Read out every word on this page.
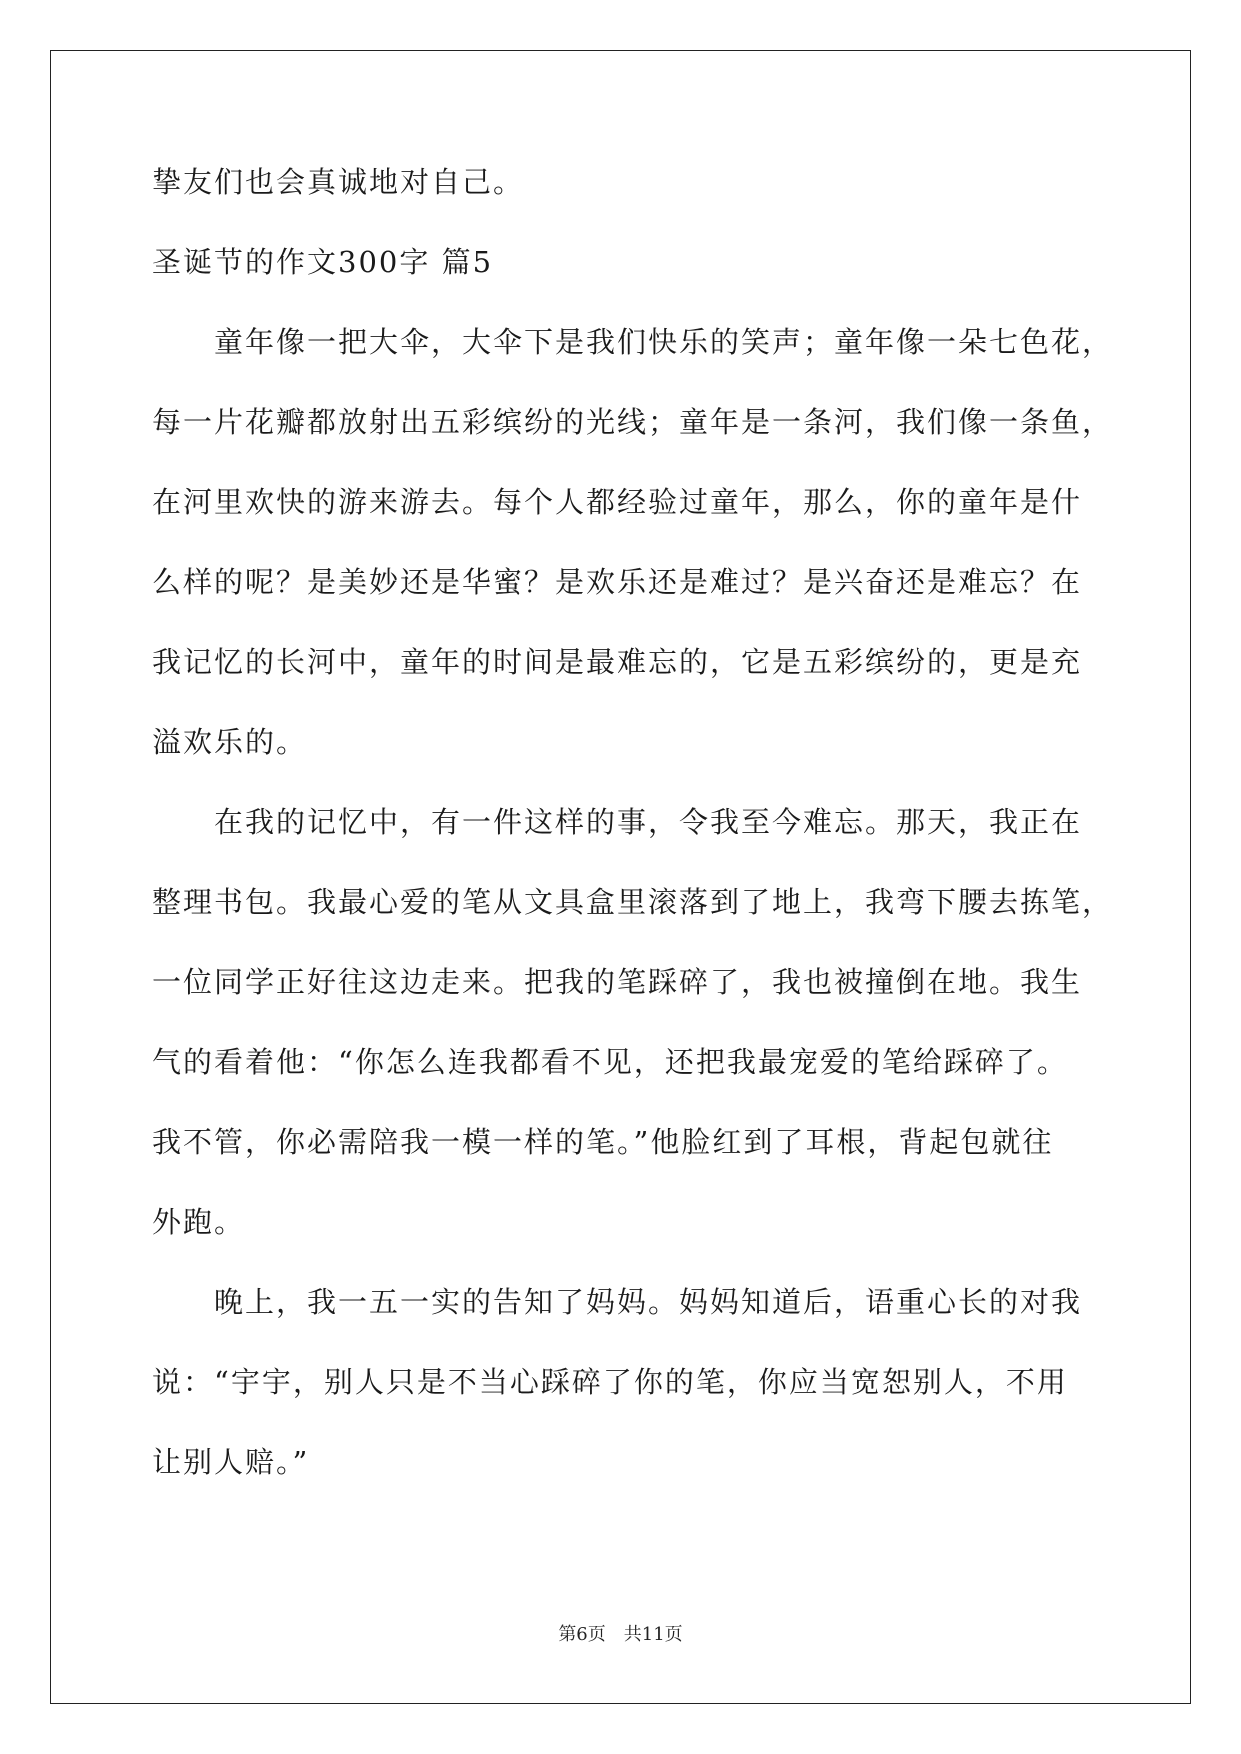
挚友们也会真诚地对自己。
圣诞节的作文300字 篇5
　　童年像一把大伞，大伞下是我们快乐的笑声；童年像一朵七色花，
每一片花瓣都放射出五彩缤纷的光线；童年是一条河，我们像一条鱼，
在河里欢快的游来游去。每个人都经验过童年，那么，你的童年是什
么样的呢？是美妙还是华蜜？是欢乐还是难过？是兴奋还是难忘？在
我记忆的长河中，童年的时间是最难忘的，它是五彩缤纷的，更是充
溢欢乐的。
　　在我的记忆中，有一件这样的事，令我至今难忘。那天，我正在
整理书包。我最心爱的笔从文具盒里滚落到了地上，我弯下腰去拣笔，
一位同学正好往这边走来。把我的笔踩碎了，我也被撞倒在地。我生
气的看着他：“你怎么连我都看不见，还把我最宠爱的笔给踩碎了。
我不管，你必需陪我一模一样的笔。”他脸红到了耳根，背起包就往
外跑。
　　晚上，我一五一实的告知了妈妈。妈妈知道后，语重心长的对我
说：“宇宇，别人只是不当心踩碎了你的笔，你应当宽恕别人，不用
让别人赔。”
第6页　共11页
